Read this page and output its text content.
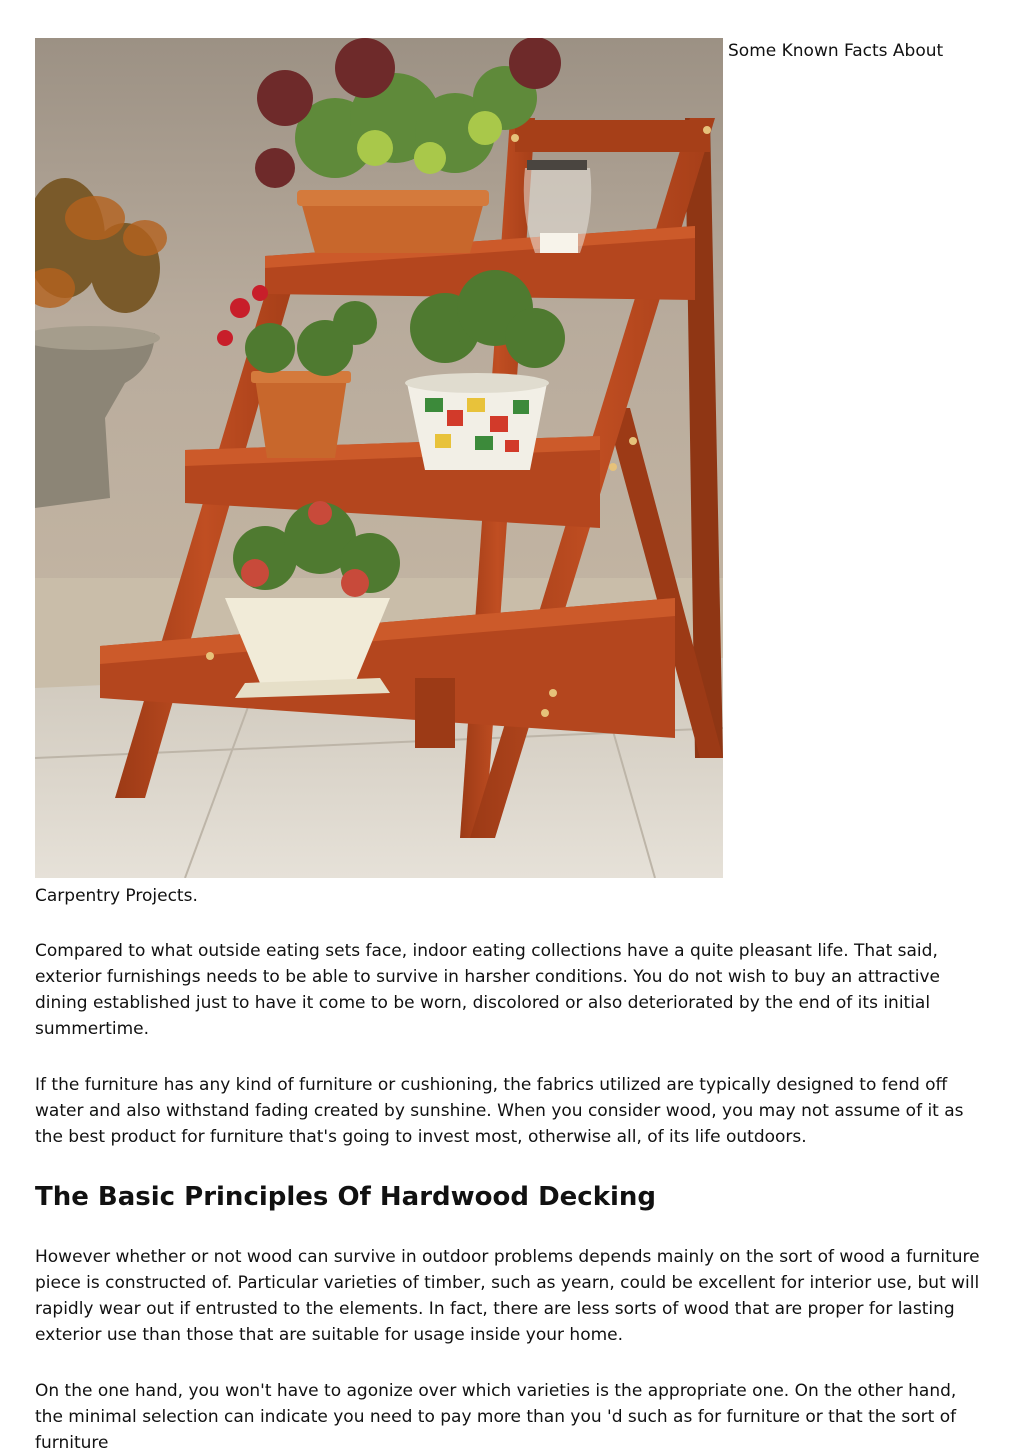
Some Known Facts About

Carpentry Projects.

Compared to what outside eating sets face, indoor eating collections have a quite pleasant life. That said, exterior furnishings needs to be able to survive in harsher conditions. You do not wish to buy an attractive dining established just to have it come to be worn, discolored or also deteriorated by the end of its initial summertime.

If the furniture has any kind of furniture or cushioning, the fabrics utilized are typically designed to fend off water and also withstand fading created by sunshine. When you consider wood, you may not assume of it as the best product for furniture that's going to invest most, otherwise all, of its life outdoors.

The Basic Principles Of Hardwood Decking

However whether or not wood can survive in outdoor problems depends mainly on the sort of wood a furniture piece is constructed of. Particular varieties of timber, such as yearn, could be excellent for interior use, but will rapidly wear out if entrusted to the elements. In fact, there are less sorts of wood that are proper for lasting exterior use than those that are suitable for usage inside your home.

On the one hand, you won't have to agonize over which varieties is the appropriate one. On the other hand, the minimal selection can indicate you need to pay more than you 'd such as for furniture or that the sort of furniture
